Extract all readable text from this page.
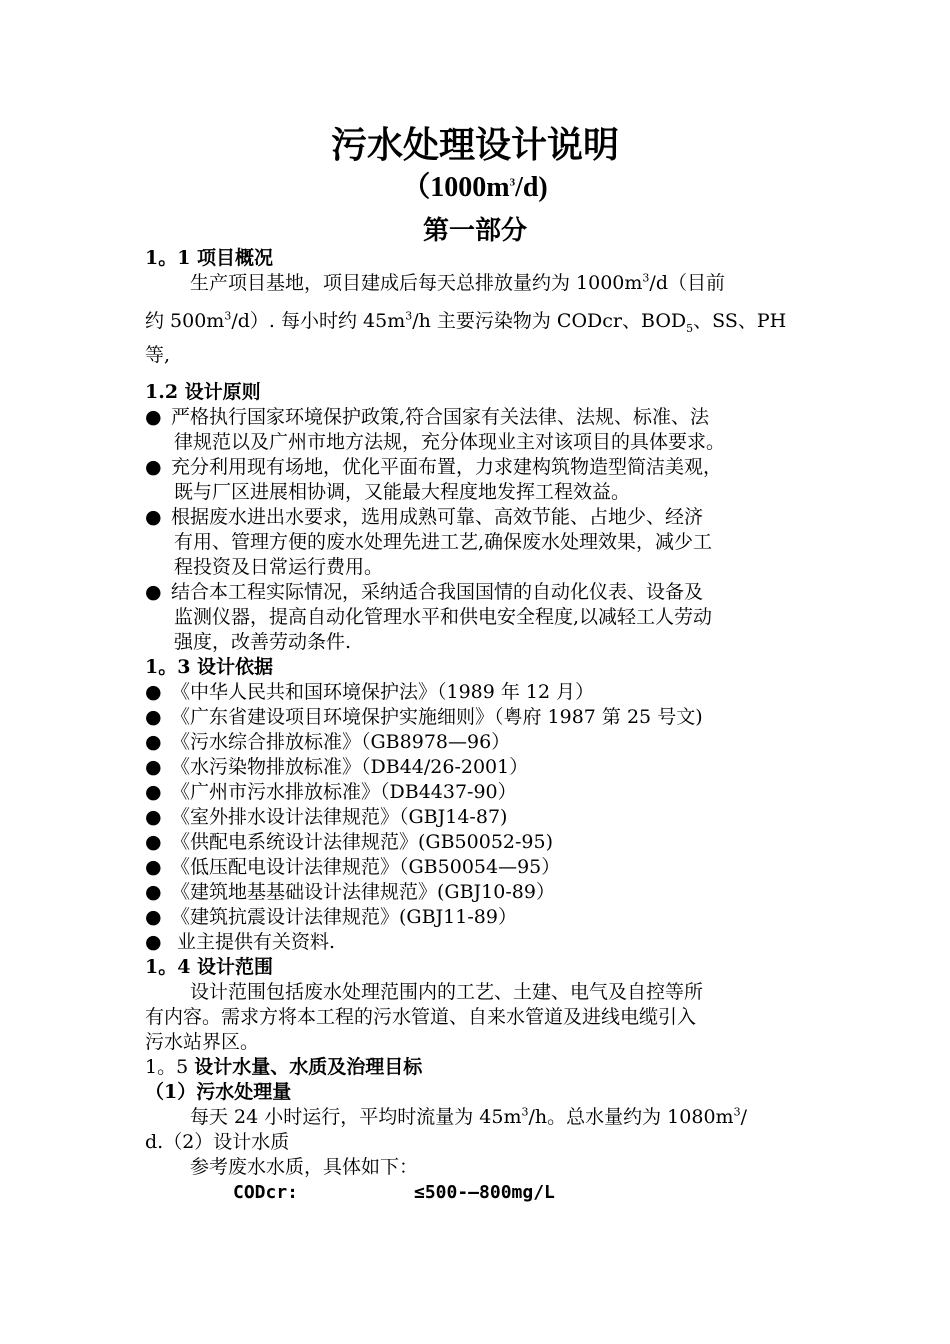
污水处理设计说明
$(1000m^3/d)$
第一部分
1。1 项目概况
生产项目基地，项目建成后每天总排放量约为 $1000m^3/d$（目前
约 $500m^3/d$）. 每小时约 $45m^3/h$ 主要污染物为 CODcr、$BOD_5$、SS、PH
等,
1.2 设计原则
● 严格执行国家环境保护政策,符合国家有关法律、法规、标准、法
律规范以及广州市地方法规，充分体现业主对该项目的具体要求。
● 充分利用现有场地，优化平面布置，力求建构筑物造型简洁美观，
既与厂区进展相协调，又能最大程度地发挥工程效益。
● 根据废水进出水要求，选用成熟可靠、高效节能、占地少、经济
有用、管理方便的废水处理先进工艺,确保废水处理效果，减少工
程投资及日常运行费用。
● 结合本工程实际情况，采纳适合我国国情的自动化仪表、设备及
监测仪器，提高自动化管理水平和供电安全程度,以减轻工人劳动
强度，改善劳动条件.
1。3 设计依据
● 《中华人民共和国环境保护法》（1989 年 12 月）
● 《广东省建设项目环境保护实施细则》（粤府 1987 第 25 号文)
● 《污水综合排放标准》（GB8978—96）
● 《水污染物排放标准》（DB44/26-2001）
● 《广州市污水排放标准》（DB4437-90）
● 《室外排水设计法律规范》（GBJ14-87)
● 《供配电系统设计法律规范》(GB50052-95)
● 《低压配电设计法律规范》（GB50054—95）
● 《建筑地基基础设计法律规范》(GBJ10-89）
● 《建筑抗震设计法律规范》(GBJ11-89）
● 业主提供有关资料.
1。4 设计范围
设计范围包括废水处理范围内的工艺、土建、电气及自控等所
有内容。需求方将本工程的污水管道、自来水管道及进线电缆引入
污水站界区。
1。5 设计水量、水质及治理目标
（1）污水处理量
每天 24 小时运行，平均时流量为 $45m^3/h$。总水量约为 $1080m^3/$
d.（2）设计水质
参考废水水质，具体如下：
CODcr:	≤500-—800mg/L
